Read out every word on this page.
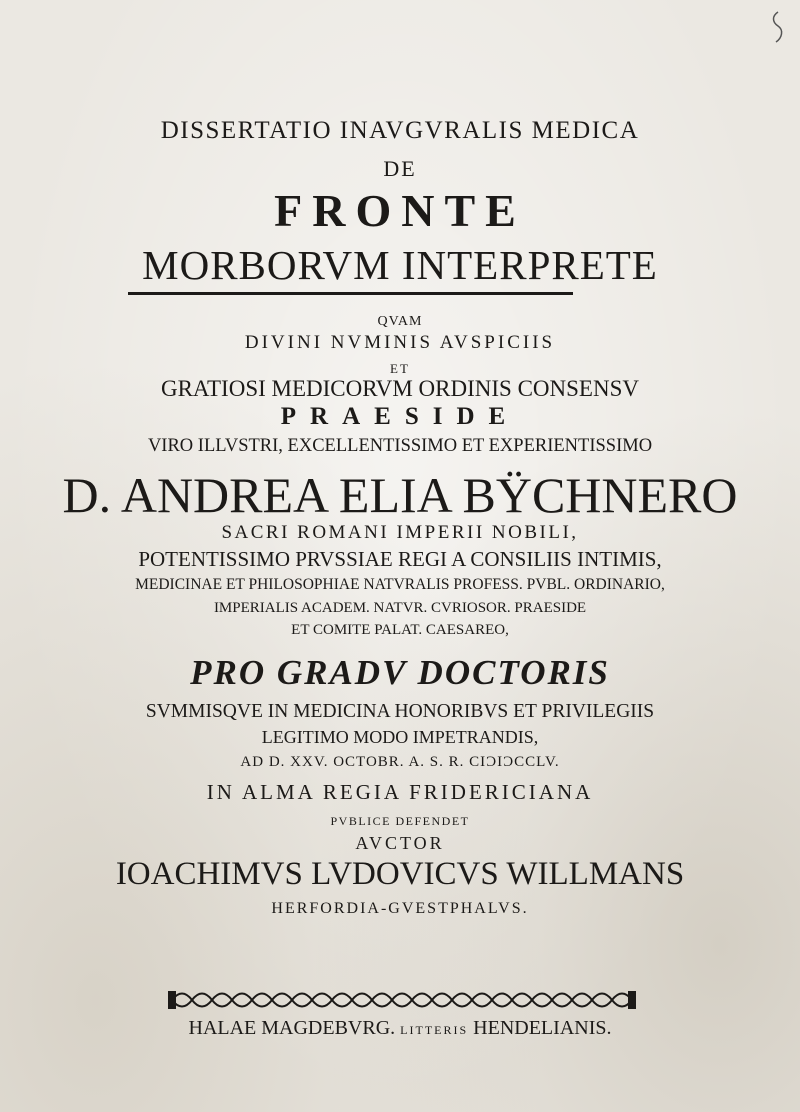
DISSERTATIO INAVGVRALIS MEDICA
DE
FRONTE
MORBORVM INTERPRETE
QVAM
DIVINI NVMINIS AVSPICIIS
ET
GRATIOSI MEDICORVM ORDINIS CONSENSV
PRAESIDE
VIRO ILLVSTRI, EXCELLENTISSIMO ET EXPERIENTISSIMO
D. ANDREA ELIA BŸCHNERO
SACRI ROMANI IMPERII NOBILI,
POTENTISSIMO PRVSSIAE REGI A CONSILIIS INTIMIS,
MEDICINAE ET PHILOSOPHIAE NATVRALIS PROFESS. PVBL. ORDINARIO,
IMPERIALIS ACADEM. NATVR. CVRIOSOR. PRAESIDE
ET COMITE PALAT. CAESAREO,
PRO GRADV DOCTORIS
SVMMISQVE IN MEDICINA HONORIBVS ET PRIVILEGIIS
LEGITIMO MODO IMPETRANDIS,
AD D. XXV. OCTOBR. A. S. R. CIƆIƆCCLV.
IN ALMA REGIA FRIDERICIANA
PVBLICE DEFENDET
AVCTOR
IOACHIMVS LVDOVICVS WILLMANS
HERFORDIA-GVESTPHALVS.
HALAE MAGDEBVRG. LITTERIS HENDELIANIS.
